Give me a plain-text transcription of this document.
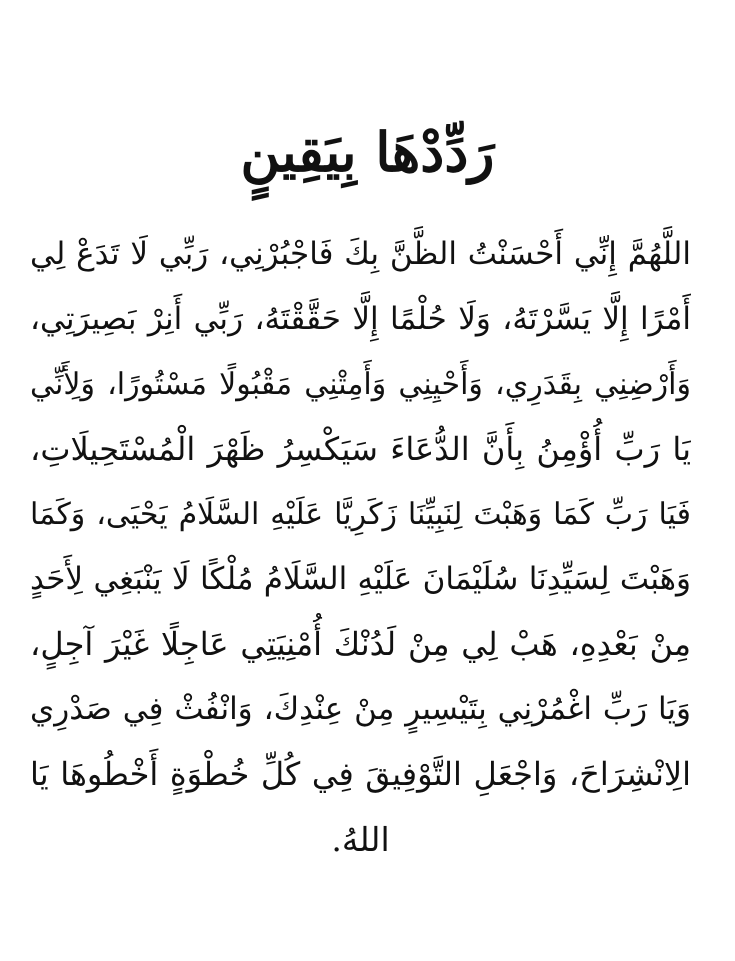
رَدِّدْهَا بِيَقِينٍ
اللَّهُمَّ إِنِّي أَحْسَنْتُ الظَّنَّ بِكَ فَاجْبُرْنِي، رَبِّي لَا تَدَعْ لِي
أَمْرًا إِلَّا يَسَّرْتَهُ، وَلَا حُلْمًا إِلَّا حَقَّقْتَهُ، رَبِّي أَنِرْ بَصِيرَتِي،
وَأَرْضِنِي بِقَدَرِي، وَأَحْيِنِي وَأَمِتْنِي مَقْبُولًا مَسْتُورًا، وَلِأَنِّي
يَا رَبِّ أُؤْمِنُ بِأَنَّ الدُّعَاءَ سَيَكْسِرُ ظَهْرَ الْمُسْتَحِيلَاتِ،
فَيَا رَبِّ كَمَا وَهَبْتَ لِنَبِيِّنَا زَكَرِيَّا عَلَيْهِ السَّلَامُ يَحْيَى، وَكَمَا
وَهَبْتَ لِسَيِّدِنَا سُلَيْمَانَ عَلَيْهِ السَّلَامُ مُلْكًا لَا يَنْبَغِي لِأَحَدٍ
مِنْ بَعْدِهِ، هَبْ لِي مِنْ لَدُنْكَ أُمْنِيَتِي عَاجِلًا غَيْرَ آجِلٍ،
وَيَا رَبِّ اغْمُرْنِي بِتَيْسِيرٍ مِنْ عِنْدِكَ، وَانْفُثْ فِي صَدْرِي
الِانْشِرَاحَ، وَاجْعَلِ التَّوْفِيقَ فِي كُلِّ خُطْوَةٍ أَخْطُوهَا يَا
اللهُ.
